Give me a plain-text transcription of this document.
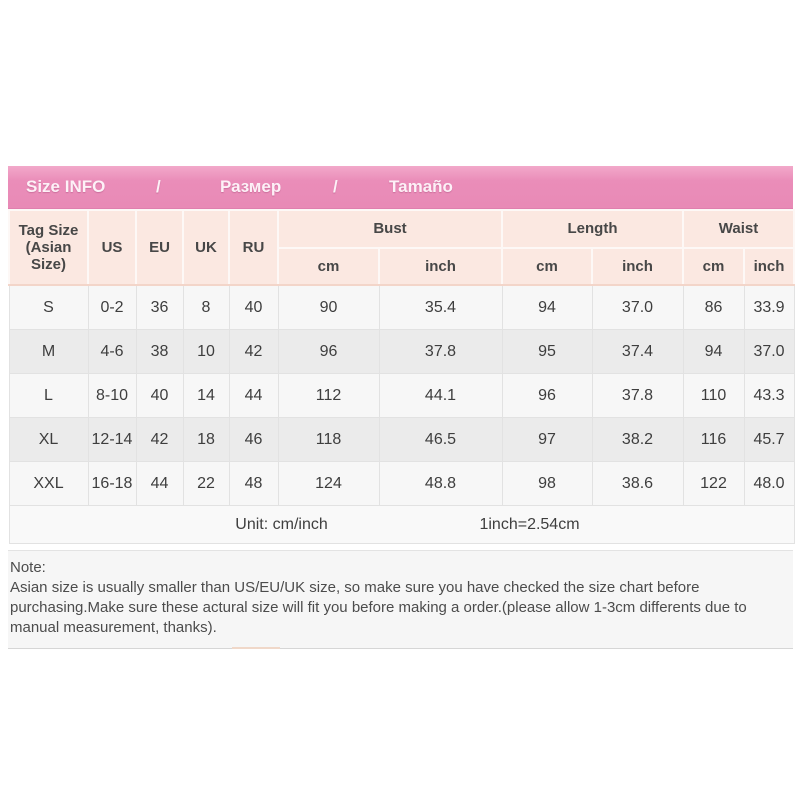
Size INFO	/	Размер	/	Tamaño
Tag Size
(Asian Size)	US	EU	UK	RU	Bust		Length		Waist	
					cm	inch	cm	inch	cm	inch
S	0-2	36	8	40	90	35.4	94	37.0	86	33.9
M	4-6	38	10	42	96	37.8	95	37.4	94	37.0
L	8-10	40	14	44	112	44.1	96	37.8	110	43.3
XL	12-14	42	18	46	118	46.5	97	38.2	116	45.7
XXL	16-18	44	22	48	124	48.8	98	38.6	122	48.0

Unit: cm/inch 1inch=2.54cm										

Note:

Asian size is usually smaller than US/EU/UK size, so make sure you have checked the size chart before purchasing.Make sure these actural size will fit you before making a order.(please allow 1-3cm differents due to manual measurement, thanks).
